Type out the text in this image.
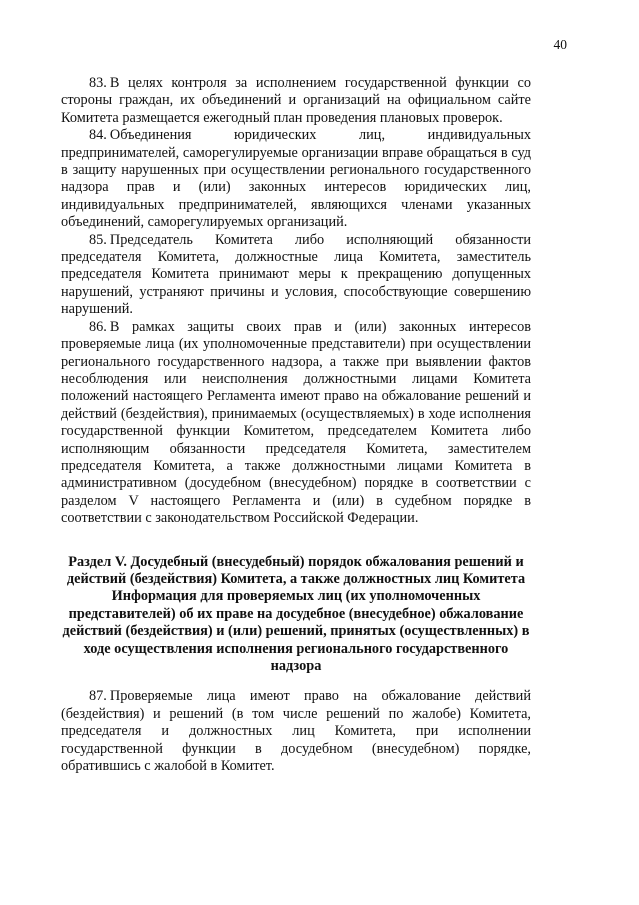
40

83. В целях контроля за исполнением государственной функции со стороны граждан, их объединений и организаций на официальном сайте Комитета размещается ежегодный план проведения плановых проверок.

84. Объединения юридических лиц, индивидуальных предпринимателей, саморегулируемые организации вправе обращаться в суд в защиту нарушенных при осуществлении регионального государственного надзора прав и (или) законных интересов юридических лиц, индивидуальных предпринимателей, являющихся членами указанных объединений, саморегулируемых организаций.

85. Председатель Комитета либо исполняющий обязанности председателя Комитета, должностные лица Комитета, заместитель председателя Комитета принимают меры к прекращению допущенных нарушений, устраняют причины и условия, способствующие совершению нарушений.

86. В рамках защиты своих прав и (или) законных интересов проверяемые лица (их уполномоченные представители) при осуществлении регионального государственного надзора, а также при выявлении фактов несоблюдения или неисполнения должностными лицами Комитета положений настоящего Регламента имеют право на обжалование решений и действий (бездействия), принимаемых (осуществляемых) в ходе исполнения государственной функции Комитетом, председателем Комитета либо исполняющим обязанности председателя Комитета, заместителем председателя Комитета, а также должностными лицами Комитета в административном (досудебном (внесудебном) порядке в соответствии с разделом V настоящего Регламента и (или) в судебном порядке в соответствии с законодательством Российской Федерации.

Раздел V. Досудебный (внесудебный) порядок обжалования решений и действий (бездействия) Комитета, а также должностных лиц Комитета
Информация для проверяемых лиц (их уполномоченных представителей) об их праве на досудебное (внесудебное) обжалование действий (бездействия) и (или) решений, принятых (осуществленных) в ходе осуществления исполнения регионального государственного надзора

87. Проверяемые лица имеют право на обжалование действий (бездействия) и решений (в том числе решений по жалобе) Комитета, председателя и должностных лиц Комитета, при исполнении государственной функции в досудебном (внесудебном) порядке, обратившись с жалобой в Комитет.
